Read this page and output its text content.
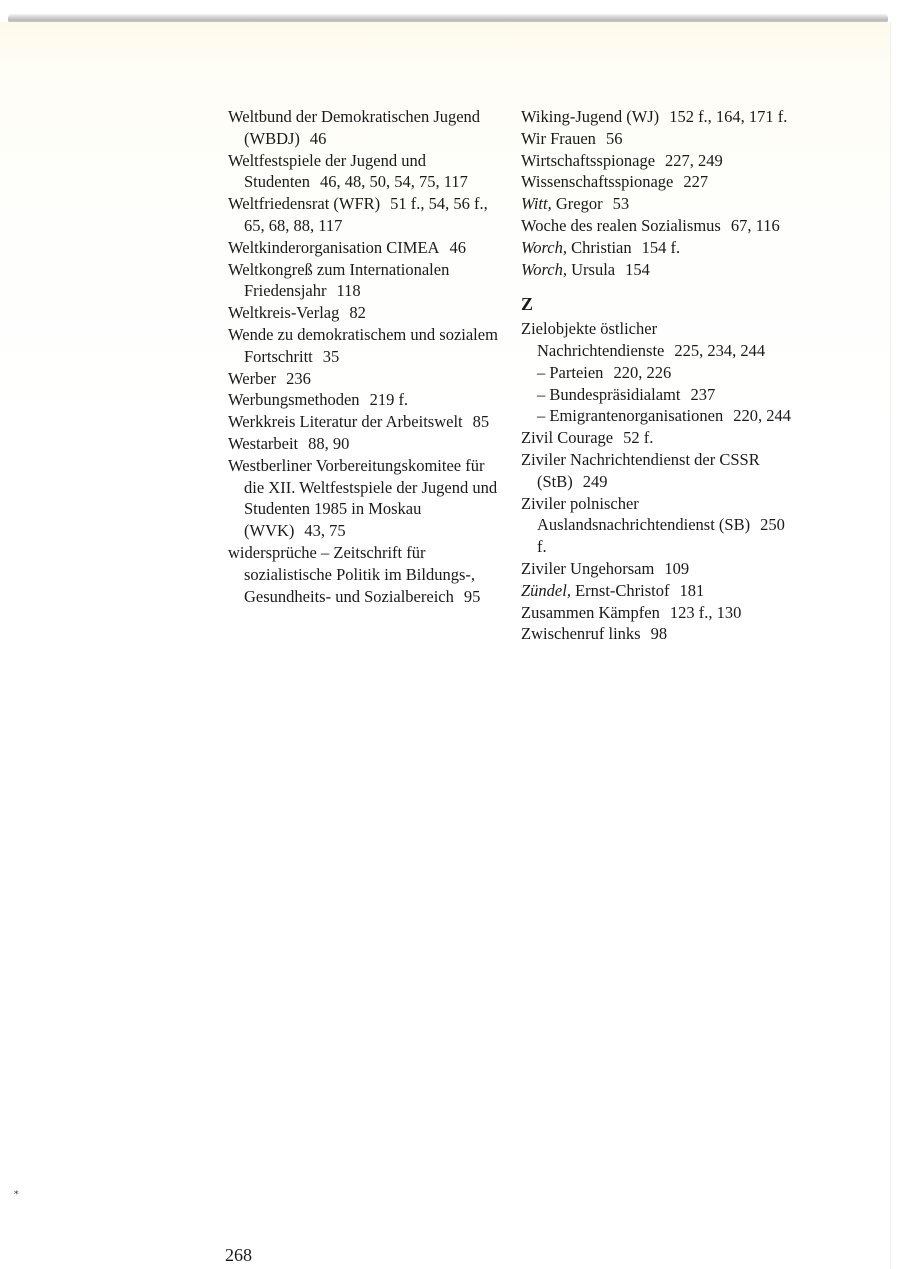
Weltbund der Demokratischen Jugend (WBDJ) 46

Weltfestspiele der Jugend und Studenten 46, 48, 50, 54, 75, 117

Weltfriedensrat (WFR) 51 f., 54, 56 f., 65, 68, 88, 117

Weltkinderorganisation CIMEA 46

Weltkongreß zum Internationalen Friedensjahr 118

Weltkreis-Verlag 82

Wende zu demokratischem und sozialem Fortschritt 35

Werber 236

Werbungsmethoden 219 f.

Werkkreis Literatur der Arbeitswelt 85

Westarbeit 88, 90

Westberliner Vorbereitungskomitee für die XII. Weltfestspiele der Jugend und Studenten 1985 in Moskau (WVK) 43, 75

widersprüche – Zeitschrift für sozialistische Politik im Bildungs-, Gesundheits- und Sozialbereich 95

Wiking-Jugend (WJ) 152 f., 164, 171 f.

Wir Frauen 56

Wirtschaftsspionage 227, 249

Wissenschaftsspionage 227

Witt, Gregor 53

Woche des realen Sozialismus 67, 116

Worch, Christian 154 f.

Worch, Ursula 154

Z

Zielobjekte östlicher Nachrichtendienste 225, 234, 244

– Parteien 220, 226

– Bundespräsidialamt 237

– Emigrantenorganisationen 220, 244

Zivil Courage 52 f.

Ziviler Nachrichtendienst der CSSR (StB) 249

Ziviler polnischer Auslandsnachrichtendienst (SB) 250 f.

Ziviler Ungehorsam 109

Zündel, Ernst-Christof 181

Zusammen Kämpfen 123 f., 130

Zwischenruf links 98

⁎
268
